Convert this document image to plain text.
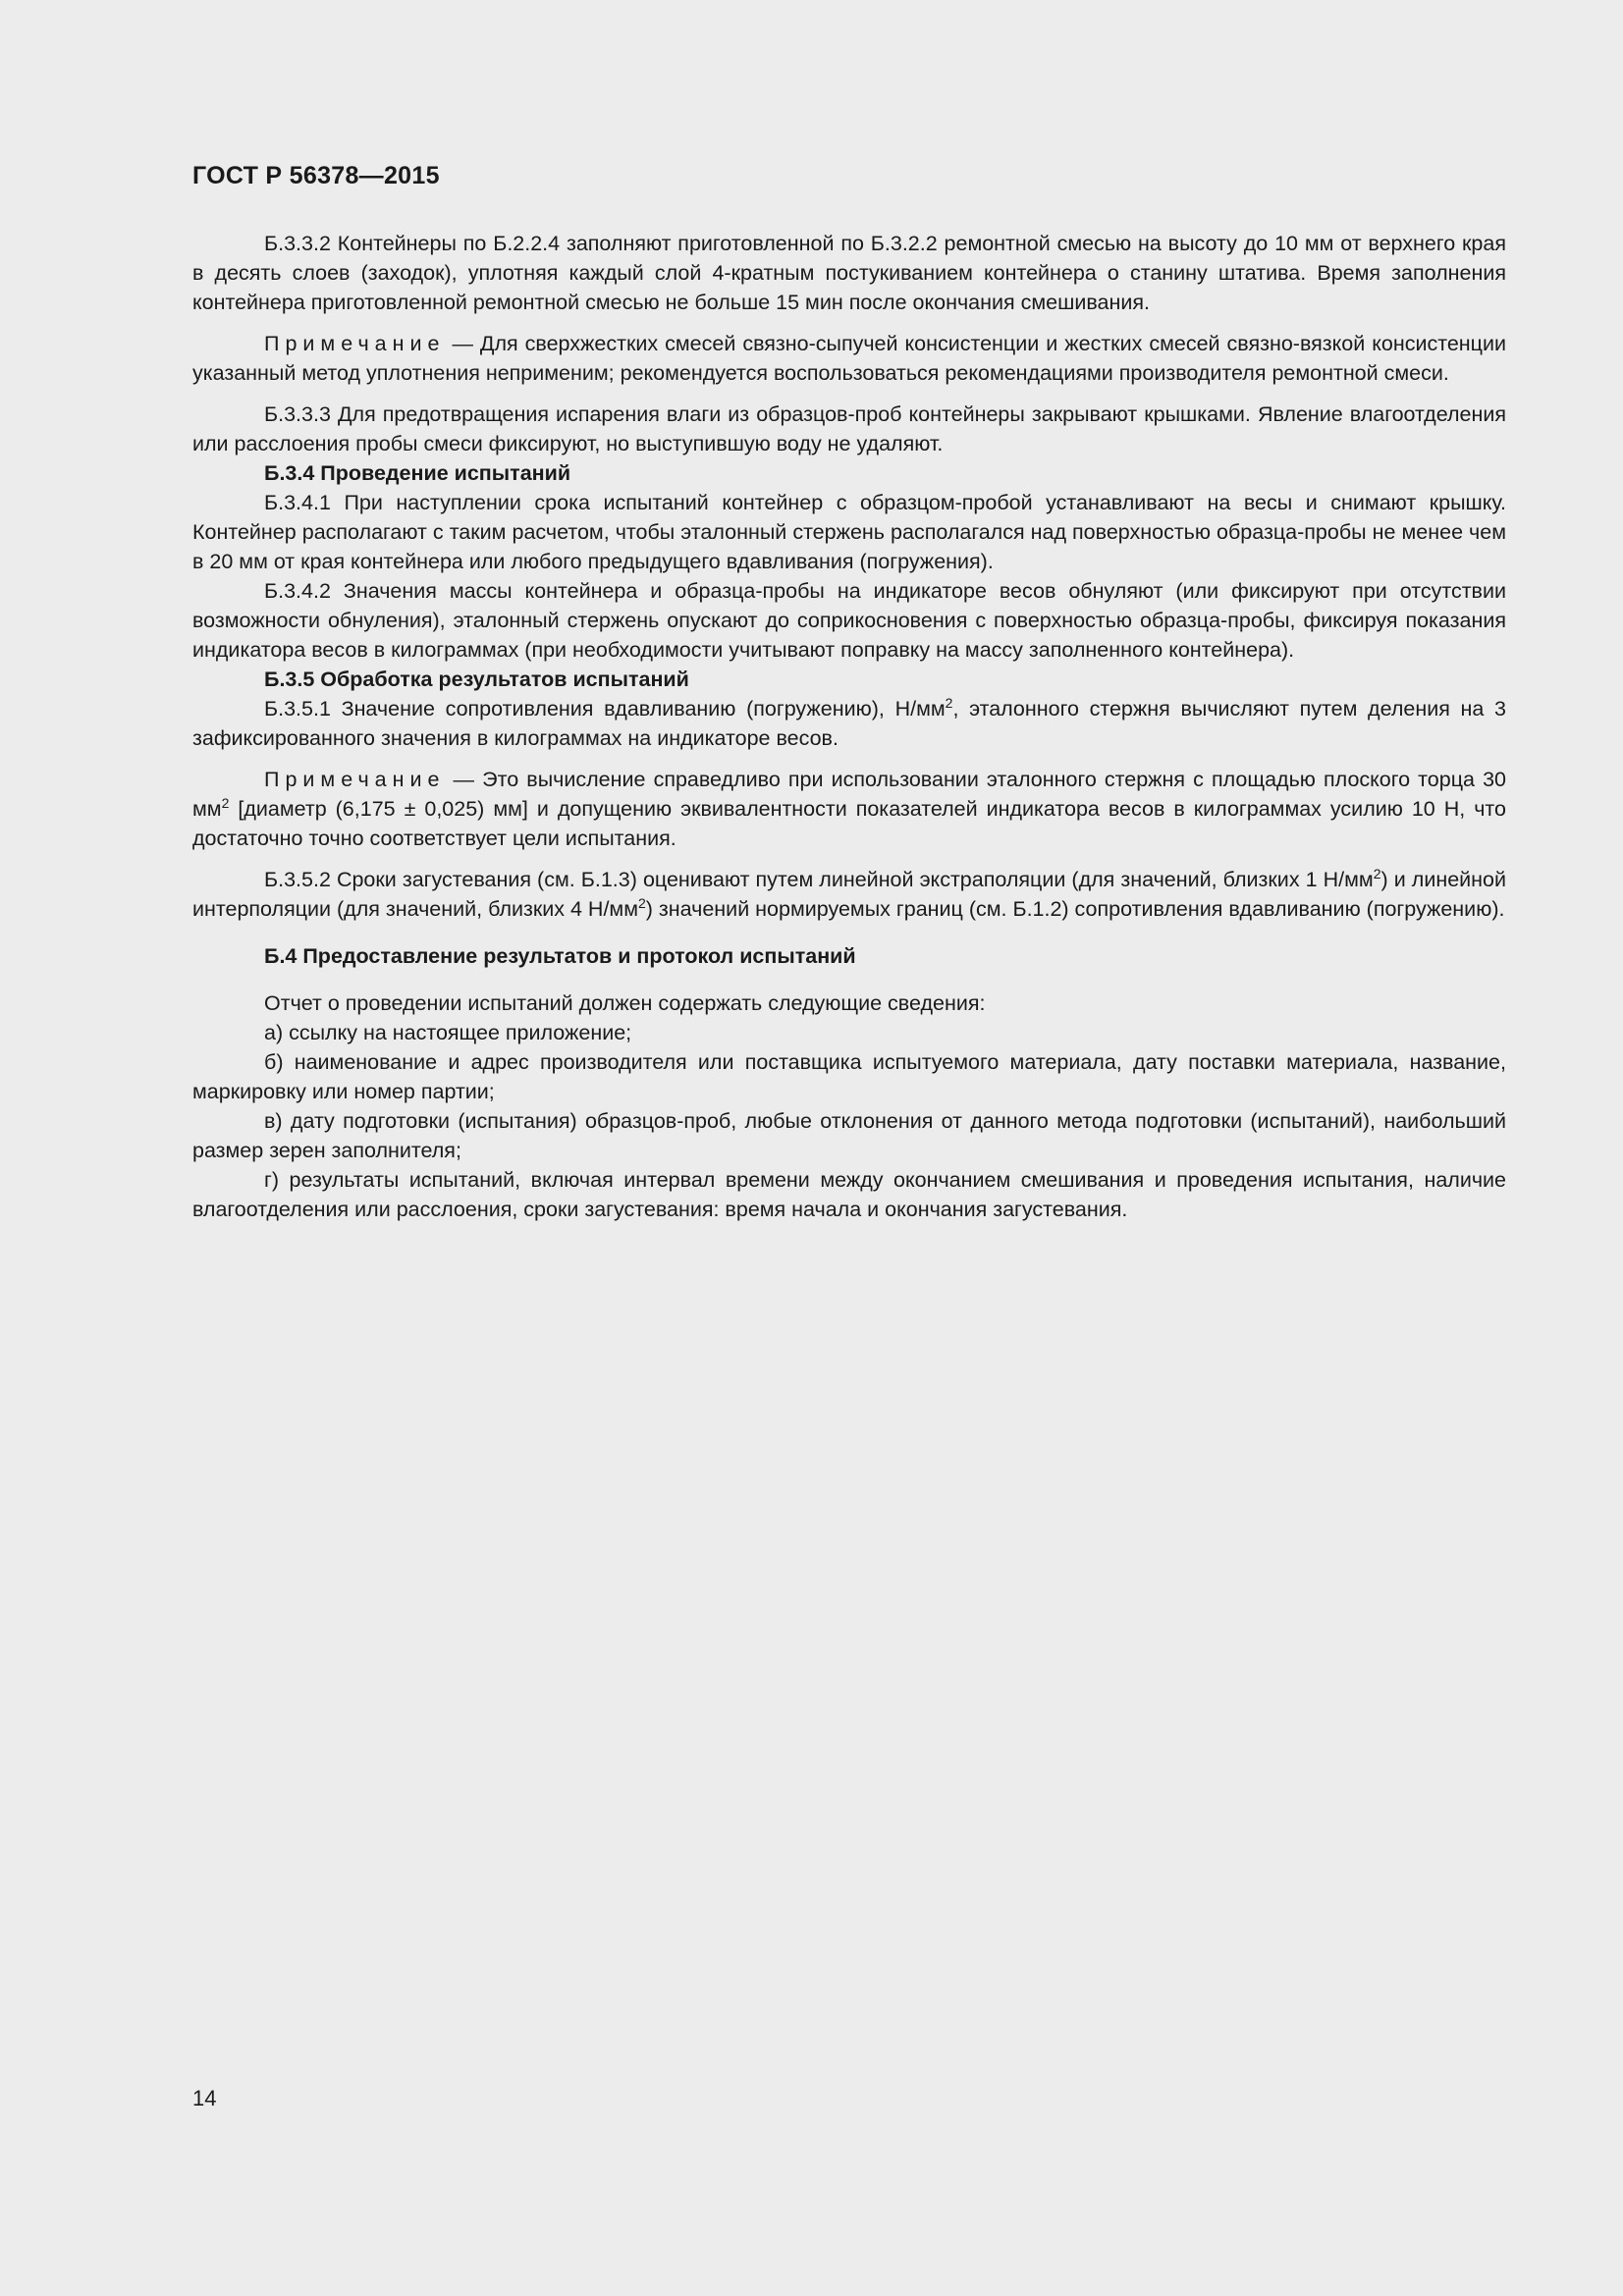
ГОСТ Р 56378—2015

Б.3.3.2 Контейнеры по Б.2.2.4 заполняют приготовленной по Б.3.2.2 ремонтной смесью на высоту до 10 мм от верхнего края в десять слоев (заходок), уплотняя каждый слой 4-кратным постукиванием контейнера о станину штатива. Время заполнения контейнера приготовленной ремонтной смесью не больше 15 мин после окончания смешивания.

Примечание — Для сверхжестких смесей связно-сыпучей консистенции и жестких смесей связно-вязкой консистенции указанный метод уплотнения неприменим; рекомендуется воспользоваться рекомендациями производителя ремонтной смеси.

Б.3.3.3 Для предотвращения испарения влаги из образцов-проб контейнеры закрывают крышками. Явление влагоотделения или расслоения пробы смеси фиксируют, но выступившую воду не удаляют.

Б.3.4 Проведение испытаний

Б.3.4.1 При наступлении срока испытаний контейнер с образцом-пробой устанавливают на весы и снимают крышку. Контейнер располагают с таким расчетом, чтобы эталонный стержень располагался над поверхностью образца-пробы не менее чем в 20 мм от края контейнера или любого предыдущего вдавливания (погружения).

Б.3.4.2 Значения массы контейнера и образца-пробы на индикаторе весов обнуляют (или фиксируют при отсутствии возможности обнуления), эталонный стержень опускают до соприкосновения с поверхностью образца-пробы, фиксируя показания индикатора весов в килограммах (при необходимости учитывают поправку на массу заполненного контейнера).

Б.3.5 Обработка результатов испытаний

Б.3.5.1 Значение сопротивления вдавливанию (погружению), $Н/мм^2$, эталонного стержня вычисляют путем деления на 3 зафиксированного значения в килограммах на индикаторе весов.

Примечание — Это вычисление справедливо при использовании эталонного стержня с площадью плоского торца 30 $мм^2$ [диаметр (6,175 ± 0,025) мм] и допущению эквивалентности показателей индикатора весов в килограммах усилию 10 Н, что достаточно точно соответствует цели испытания.

Б.3.5.2 Сроки загустевания (см. Б.1.3) оценивают путем линейной экстраполяции (для значений, близких 1 $Н/мм^2$) и линейной интерполяции (для значений, близких 4 $Н/мм^2$) значений нормируемых границ (см. Б.1.2) сопротивления вдавливанию (погружению).

Б.4 Предоставление результатов и протокол испытаний

Отчет о проведении испытаний должен содержать следующие сведения:

а) ссылку на настоящее приложение;

б) наименование и адрес производителя или поставщика испытуемого материала, дату поставки материала, название, маркировку или номер партии;

в) дату подготовки (испытания) образцов-проб, любые отклонения от данного метода подготовки (испытаний), наибольший размер зерен заполнителя;

г) результаты испытаний, включая интервал времени между окончанием смешивания и проведения испытания, наличие влагоотделения или расслоения, сроки загустевания: время начала и окончания загустевания.

14
